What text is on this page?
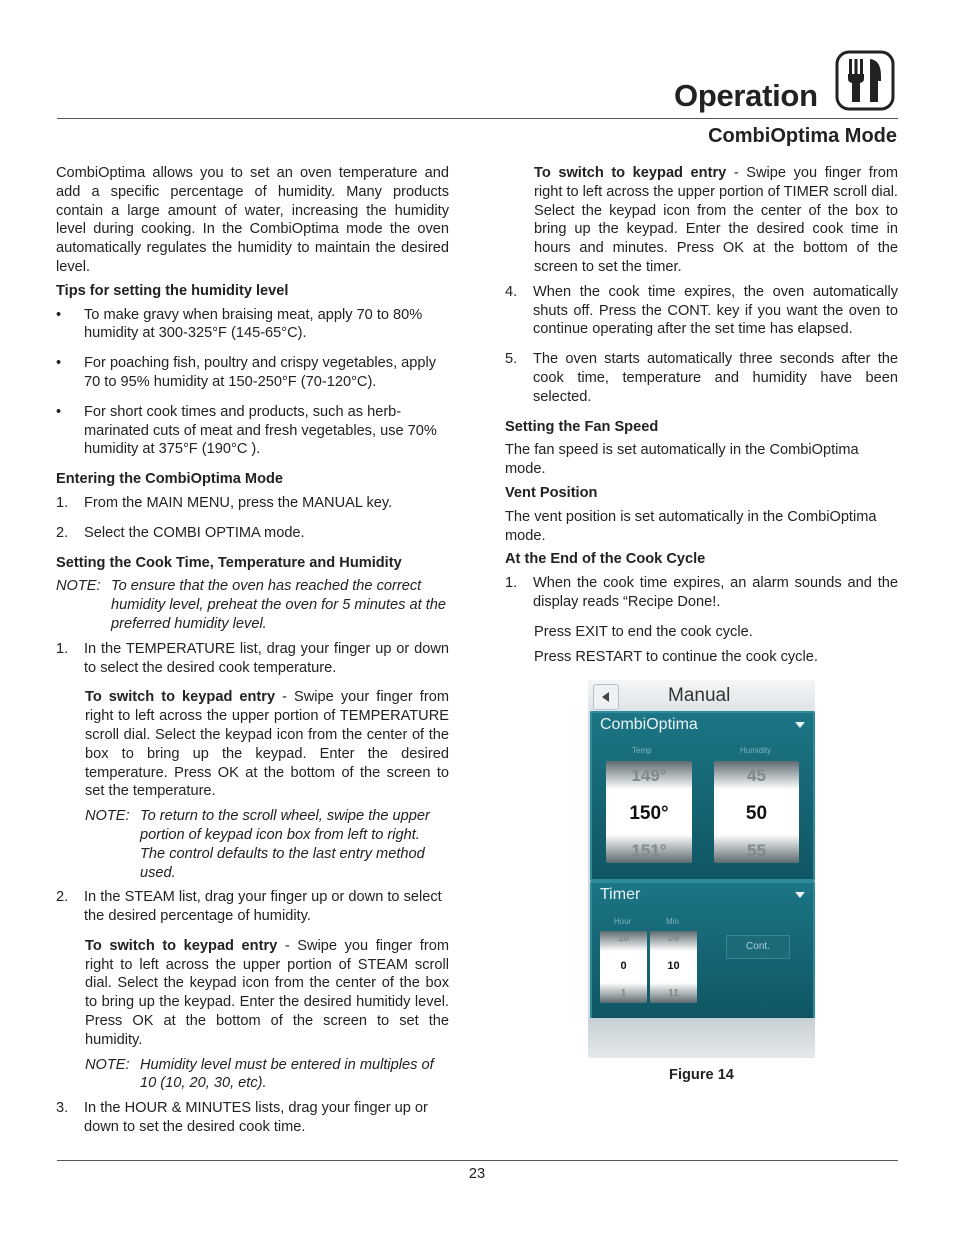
Operation
CombiOptima Mode

CombiOptima allows you to set an oven temperature and add a specific percentage of humidity. Many products contain a large amount of water, increasing the humidity level during cooking. In the CombiOptima mode the oven automatically regulates the humidity to maintain the desired level.

Tips for setting the humidity level
• To make gravy when braising meat, apply 70 to 80% humidity at 300-325°F (145-65°C).
• For poaching fish, poultry and crispy vegetables, apply 70 to 95% humidity at 150-250°F (70-120°C).
• For short cook times and products, such as herb-marinated cuts of meat and fresh vegetables, use 70% humidity at 375°F (190°C ).
Entering the CombiOptima Mode
1. From the MAIN MENU, press the MANUAL key.
2. Select the COMBI OPTIMA mode.
Setting the Cook Time, Temperature and Humidity
NOTE: To ensure that the oven has reached the correct humidity level, preheat the oven for 5 minutes at the preferred humidity level.
1. In the TEMPERATURE list, drag your finger up or down to select the desired cook temperature.
To switch to keypad entry - Swipe your finger from right to left across the upper portion of TEMPERATURE scroll dial. Select the keypad icon from the center of the box to bring up the keypad. Enter the desired temperature. Press OK at the bottom of the screen to set the temperature.
NOTE: To return to the scroll wheel, swipe the upper portion of keypad icon box from left to right. The control defaults to the last entry method used.
2. In the STEAM list, drag your finger up or down to select the desired percentage of humidity.
To switch to keypad entry - Swipe you finger from right to left across the upper portion of STEAM scroll dial. Select the keypad icon from the center of the box to bring up the keypad. Enter the desired humitidy level. Press OK at the bottom of the screen to set the humidity.
NOTE: Humidity level must be entered in multiples of 10 (10, 20, 30, etc).
3. In the HOUR & MINUTES lists, drag your finger up or down to set the desired cook time.
To switch to keypad entry - Swipe you finger from right to left across the upper portion of TIMER scroll dial. Select the keypad icon from the center of the box to bring up the keypad. Enter the desired cook time in hours and minutes. Press OK at the bottom of the screen to set the timer.
4. When the cook time expires, the oven automatically shuts off. Press the CONT. key if you want the oven to continue operating after the set time has elapsed.
5. The oven starts automatically three seconds after the cook time, temperature and humidity have been selected.
Setting the Fan Speed

The fan speed is set automatically in the CombiOptima mode.

Vent Position

The vent position is set automatically in the CombiOptima mode.

At the End of the Cook Cycle
1. When the cook time expires, an alarm sounds and the display reads “Recipe Done!.
Press EXIT to end the cook cycle.
Press RESTART to continue the cook cycle.
Manual
CombiOptima
Temp	Humidity
149°
150°
151°
45
50
55
Timer
Hour	Min
10
0
1
09
10
11
Cont.
Figure 14
23
